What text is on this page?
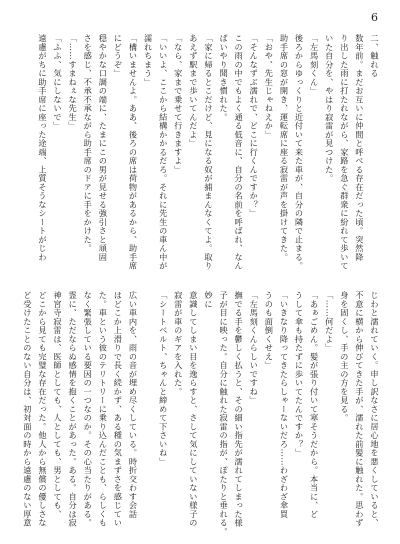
6

二、触れる

数年前。まだお互いに仲間と呼べる存在だった頃。突然降

り出した雨に打たれながら、家路を急ぐ群衆に紛れて歩いて

いた自分を、やはり寂雷が見つけた。

「左馬刻くん」

後ろからゆっくりと近付いて来た車が、自分の隣で止まる。

助手席の窓が開き、運転席に座る寂雷が声を掛けてきた。

「おや、先生じゃねえか」

「そんなずぶ濡れで、どこに行くんですか？」

この雨の中でもよく通る低音に、自分の名前を呼ばれ、なん

ぱいやり聞き慣れた。

「家に帰るとこだけど、見になる奴が捕まんなくてよ。取り

あえず駅まで歩いてんだよ」

「なら、家まで乗せて行きますよ」

「いいよ、ここから結構かかるだろ。それに先生の車ん中が

濡れちまう」

「構いませんよ。ああ、後ろの席は荷物があるから、助手席

にどうぞ」

穏やかな口調の端に、たまにこの男が見せる強引さと頑固

さを感じ、不承不承ながら助手席のドアに手をかけた。

「……すまねぇな先生」

「ふふ、気にしないで」

遠慮がちに助手席に座った途端、上質そうなシートがじわ

じわと濡れていく。申し訳なさに居心地を悪くしていると、

不意に横から伸びてきた手が、濡れた前髪に触れた。思わず

身を固くし、手の主の方を見る。

「……何だよ」

「あぁごめん。髪が張り付いて寒そうだから。本当に、ど

うして傘も持たずに歩いてたんですか？」

「いきなり降ってきたらしゃーないだろ……わざわざ傘買

うのも面倒くせえ」

「左馬刻くんらしいですね」

撫でる手を鬱しく払うと、その細い指先が濡れてしまった様

子が目に映った。自分に触れた寂雷の指が、ぽたりと垂れる。妙に

意識してしまい目を逸らすと、さして気にしていない様子の

寂雷が車のギアを入れた。

「シートベルト、ちゃんと締めて下さいね」

広い車内を、雨の音が埋め尽くしている。時折交わす会話

はどこか上滑りで長く続かず、ある種の気まずさを感じてい

た。車という彼のテリトリーに乗り込んだことも、らしくも

なく緊張している要因の一つなのか。その心当たりがある。

霊に、ただならぬ感情を抱くことがあった。ある。自分は寂

神宮寺寂雷は、医師としても、人としても、男としても、

どこから見ても完璧な存在だった。他人から無償の優しさな

ど受けたことのない自分は、初対面の時から遠慮のない厚意
